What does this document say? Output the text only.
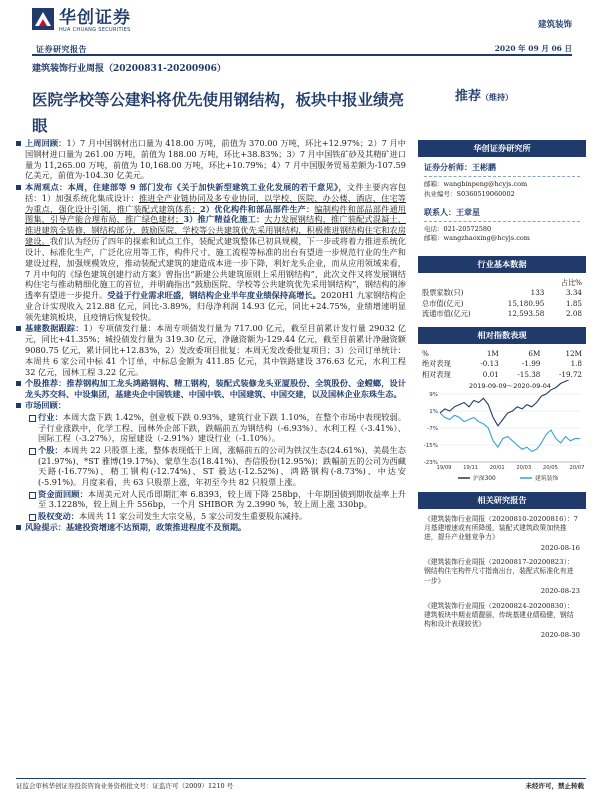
华创证券
HUA CHUANG SECURITIES
证券研究报告
建筑装饰
2020 年 09 月 06 日
建筑装饰行业周报（20200831-20200906）
医院学校等公建料将优先使用钢结构，板块中报业绩亮眼
推荐（维持）
上周回顾：1）7 月中国钢材出口量为 418.00 万吨，前值为 370.00 万吨，环比+12.97%；2）7 月中国钢材进口量为 261.00 万吨，前值为 188.00 万吨，环比+38.83%；3）7 月中国铁矿砂及其精矿进口量为 11,265.00 万吨，前值为 10,168.00 万吨，环比+10.79%；4）7 月中国服务贸易差额为-107.59 亿美元，前值为-104.30 亿美元。
本周观点：本周，住建部等 9 部门发布《关于加快新型建筑工业化发展的若干意见》，文件主要内容包括：1）加强系统化集成设计：推进全产业链协同及多专业协同，以学校、医院、办公楼、酒店、住宅等为重点，强化设计引领，推广装配式建筑体系；2）优化构件和部品部件生产：编制构件和部品部件通用图集，引导产能合理布局，推广绿色建材；3）推广精益化施工：大力发展钢结构，推广装配式混凝土，推进建筑全装修，钢结构部分，鼓励医院、学校等公共建筑优先采用钢结构，积极推进钢结构住宅和农房建设。我们认为经历了四年的探索和试点工作，装配式建筑整体已初具规模，下一步或将着力推进系统化设计、标准化生产，广泛化应用等工作，构件尺寸、施工流程等标准的出台有望进一步规范行业的生产和建设过程，加强规模效应，推动装配式建筑的建造成本进一步下降，利好龙头企业，而从应用领域来看，7 月中旬的《绿色建筑创建行动方案》曾指出“新建公共建筑原则上采用钢结构”，此次文件又将发展钢结构住宅与推动精细化施工的首位，并明确指出“鼓励医院、学校等公共建筑优先采用钢结构”，钢结构的渗透率有望进一步提升。受益于行业需求旺盛，钢结构企业半年度业绩保持高增长。2020H1 九家钢结构企业合计实现收入 212.88 亿元，同比-3.89%，归母净利润 14.93 亿元，同比+24.75%，业绩增速明显领先建筑板块，且疫情后恢复较快。
基建数据跟踪：1）专项债发行量：本周专项债发行量为 717.00 亿元，截至目前累计发行量 29032 亿元，同比+41.35%；城投债发行量为 319.30 亿元，净融资额为-129.44 亿元，截至目前累计净融资额 9080.75 亿元，累计同比+12.83%，2）发改委项目批复：本周无发改委批复项目；3）公司订单统计：本周共 6 家公司中标 41 个订单，中标总金额为 411.85 亿元，其中铁路建设 376.63 亿元，水利工程 32 亿元，园林工程 3.22 亿元。
个股推荐：推荐钢构加工龙头鸿路钢构、精工钢构，装配式装修龙头亚厦股份、全筑股份、金螳螂，设计龙头苏交科、中设集团，基建央企中国铁建、中国中铁、中国建筑、中国交建，以及国林企业东珠生态。
市场回顾：
行业：本周大盘下跌 1.42%，创业板下跌 0.93%，建筑行业下跌 1.10%，在整个市场中表现较弱。子行业涨跌中，化学工程、园林外企部下跌，跌幅前五为钢结构（-6.93%）、水利工程（-3.41%）、国际工程（-3.27%），房屋建设（-2.91%）建设行业（-1.10%）。
个股：本周共 22 只股票上涨，整体表现低于上周，涨幅前五的公司为铁汉生态(24.61%)、美晨生态(21.97%)、*ST 雅博(19.17%)、蒙草生态(18.41%)、杏信股份(12.95%)；跌幅前五的公司为西藏天路(-16.77%)、精工钢构(-12.74%)、ST 毅达(-12.52%)、鸿路钢构(-8.73%)、中达安(-5.91%)。月度来看，共 63 只股票上涨，年初至今共 82 只股票上涨。
资金面回顾：本周美元对人民币即期汇率 6.8393，较上周下降 258bp，十年期国债到期收益率上升至 3.1228%，较上周上升 556bp，一个月 SHIBOR 为 2.3990 %，较上周上涨 330bp。
股权变动：本周共 11 家公司发生大宗交易，5 家公司发生重要股东减持。
风险提示：基建投资增速不达预期，政策推进程度不及预期。
华创证券研究所
证券分析师：王彬鹏
邮箱：wangbinpeng@hcyjs.com
执业编号：S0360519060002
联系人：王章星
电话：021-20572580
邮箱：wangzhaoxing@hcyjs.com
行业基本数据
		占比%
股票家数(只)	133	3.34
总市值(亿元)	15,180.95	1.85
流通市值(亿元)	12,593.58	2.08
相对指数表现
%	1M	6M	12M
绝对表现	-0.13	-1.99	1.8
相对表现	0.01	-15.38	-19.72
2019-09-09～2020-09-04
-23%
-15%
-7%
1%
9%
19/09 19/11 20/01 20/03 20/05 20/07
沪深300	建筑装饰
相关研究报告
《建筑装饰行业周报（20200810-20200816）：7 月基建增速或有所降缓，装配式建筑政策加快推进，提升产业链竞争力》
2020-08-16
《建筑装饰行业周报（20200817-20200823）：钢结构住宅构件尺寸指南出台，装配式标准化有进一步》
2020-08-23
《建筑装饰行业周报（20200824-20200830）：建筑板块中期业绩靓丽，传统基建业绩稳健，钢结构和设计表现较优》
2020-08-30
证监会审核华创证券投资咨询业务资格批文号：证监许可（2009）1210 号	未经许可，禁止转载
